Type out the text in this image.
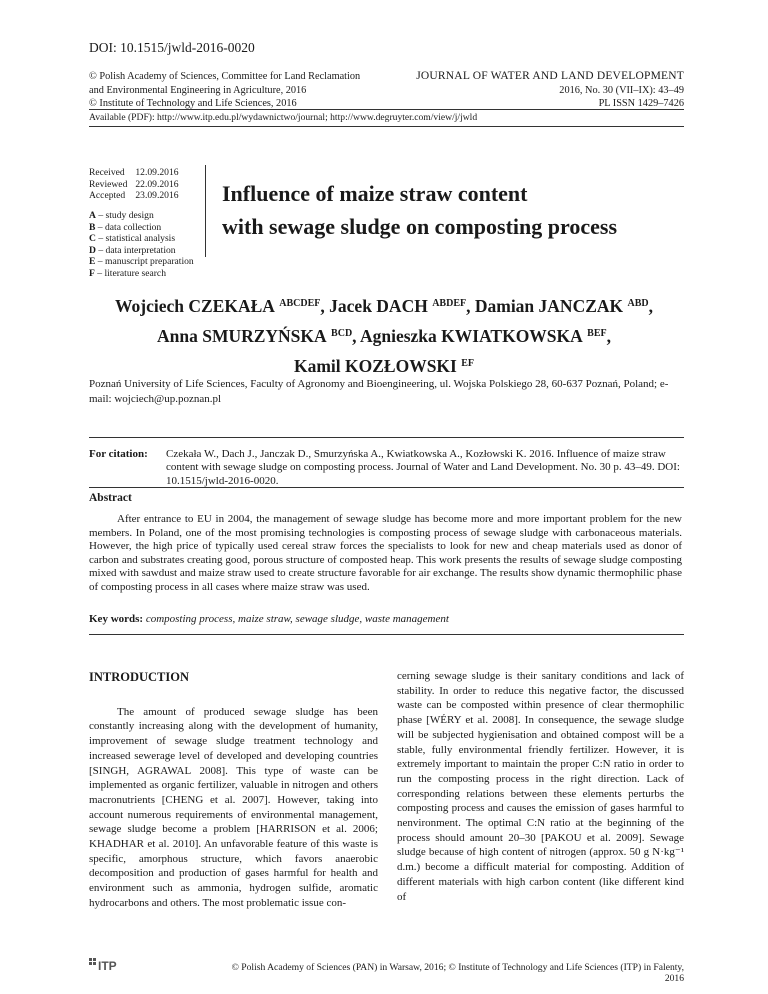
DOI: 10.1515/jwld-2016-0020
© Polish Academy of Sciences, Committee for Land Reclamation
and Environmental Engineering in Agriculture, 2016
© Institute of Technology and Life Sciences, 2016
JOURNAL OF WATER AND LAND DEVELOPMENT
2016, No. 30 (VII–IX): 43–49
PL ISSN 1429–7426
Available (PDF): http://www.itp.edu.pl/wydawnictwo/journal; http://www.degruyter.com/view/j/jwld
Received	12.09.2016
Reviewed	22.09.2016
Accepted	23.09.2016
A – study design
B – data collection
C – statistical analysis
D – data interpretation
E – manuscript preparation
F – literature search
Influence of maize straw content
with sewage sludge on composting process
Wojciech CZEKAŁA $^{ABCDEF}$, Jacek DACH $^{ABDEF}$, Damian JANCZAK $^{ABD}$,
Anna SMURZYŃSKA $^{BCD}$, Agnieszka KWIATKOWSKA $^{BEF}$,
Kamil KOZŁOWSKI $^{EF}$
Poznań University of Life Sciences, Faculty of Agronomy and Bioengineering, ul. Wojska Polskiego 28, 60-637 Poznań, Poland; e-mail: wojciech@up.poznan.pl
For citation: Czekała W., Dach J., Janczak D., Smurzyńska A., Kwiatkowska A., Kozłowski K. 2016. Influence of maize straw content with sewage sludge on composting process. Journal of Water and Land Development. No. 30 p. 43–49. DOI: 10.1515/jwld-2016-0020.
Abstract
After entrance to EU in 2004, the management of sewage sludge has become more and more important problem for the new members. In Poland, one of the most promising technologies is composting process of sewage sludge with carbonaceous materials. However, the high price of typically used cereal straw forces the specialists to look for new and cheap materials used as donor of carbon and substrates creating good, porous structure of composted heap. This work presents the results of sewage sludge composting mixed with sawdust and maize straw used to create structure favorable for air exchange. The results show dynamic thermophilic phase of composting process in all cases where maize straw was used.
Key words: composting process, maize straw, sewage sludge, waste management
INTRODUCTION

The amount of produced sewage sludge has been constantly increasing along with the development of humanity, improvement of sewage sludge treatment technology and increased sewerage level of developed and developing countries [SINGH, AGRAWAL 2008]. This type of waste can be implemented as organic fertilizer, valuable in nitrogen and others macronutrients [CHENG et al. 2007]. However, taking into account numerous requirements of environmental management, sewage sludge become a problem [HARRISON et al. 2006; KHADHAR et al. 2010]. An unfavorable feature of this waste is specific, amorphous structure, which favors anaerobic decomposition and production of gases harmful for health and environment such as ammonia, hydrogen sulfide, aromatic hydrocarbons and others. The most problematic issue con-

cerning sewage sludge is their sanitary conditions and lack of stability. In order to reduce this negative factor, the discussed waste can be composted within presence of clear thermophilic phase [WÉRY et al. 2008]. In consequence, the sewage sludge will be subjected hygienisation and obtained compost will be a stable, fully environmental friendly fertilizer. However, it is extremely important to maintain the proper C:N ratio in order to run the composting process in the right direction. Lack of corresponding relations between these elements perturbs the composting process and causes the emission of gases harmful to nenvironment. The optimal C:N ratio at the beginning of the process should amount 20–30 [PAKOU et al. 2009]. Sewage sludge because of high content of nitrogen (approx. 50 g N·kg⁻¹ d.m.) become a difficult material for composting. Addition of different materials with high carbon content (like different kind of

ITP	© Polish Academy of Sciences (PAN) in Warsaw, 2016; © Institute of Technology and Life Sciences (ITP) in Falenty, 2016
